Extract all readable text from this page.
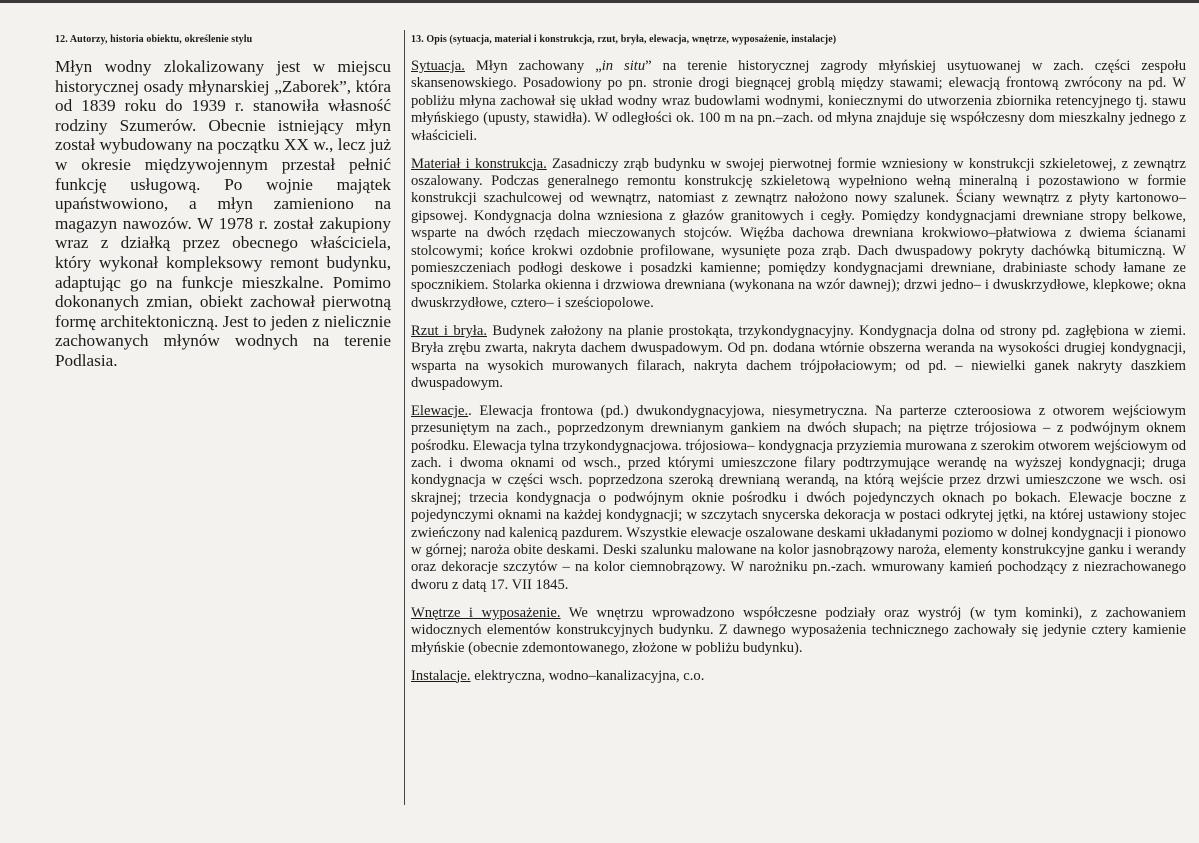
12. Autorzy, historia obiektu, określenie stylu

Młyn wodny zlokalizowany jest w miejscu historycznej osady młynarskiej „Zaborek”, która od 1839 roku do 1939 r. stanowiła własność rodziny Szumerów. Obecnie istniejący młyn został wybudowany na początku XX w., lecz już w okresie międzywojennym przestał pełnić funkcję usługową. Po wojnie majątek upaństwowiono, a młyn zamieniono na magazyn nawozów. W 1978 r. został zakupiony wraz z działką przez obecnego właściciela, który wykonał kompleksowy remont budynku, adaptując go na funkcje mieszkalne. Pomimo dokonanych zmian, obiekt zachował pierwotną formę architektoniczną. Jest to jeden z nielicznie zachowanych młynów wodnych na terenie Podlasia.

13. Opis (sytuacja, materiał i konstrukcja, rzut, bryła, elewacja, wnętrze, wyposażenie, instalacje)

Sytuacja. Młyn zachowany „in situ” na terenie historycznej zagrody młyńskiej usytuowanej w zach. części zespołu skansenowskiego. Posadowiony po pn. stronie drogi biegnącej groblą między stawami; elewacją frontową zwrócony na pd. W pobliżu młyna zachował się układ wodny wraz budowlami wodnymi, koniecznymi do utworzenia zbiornika retencyjnego tj. stawu młyńskiego (upusty, stawidła). W odległości ok. 100 m na pn.–zach. od młyna znajduje się współczesny dom mieszkalny jednego z właścicieli.

Materiał i konstrukcja. Zasadniczy zrąb budynku w swojej pierwotnej formie wzniesiony w konstrukcji szkieletowej, z zewnątrz oszalowany. Podczas generalnego remontu konstrukcję szkieletową wypełniono wełną mineralną i pozostawiono w formie konstrukcji szachulcowej od wewnątrz, natomiast z zewnątrz nałożono nowy szalunek. Ściany wewnątrz z płyty kartonowo–gipsowej. Kondygnacja dolna wzniesiona z głazów granitowych i cegły. Pomiędzy kondygnacjami drewniane stropy belkowe, wsparte na dwóch rzędach mieczowanych stojców. Więźba dachowa drewniana krokwiowo–płatwiowa z dwiema ścianami stolcowymi; końce krokwi ozdobnie profilowane, wysunięte poza zrąb. Dach dwuspadowy pokryty dachówką bitumiczną. W pomieszczeniach podłogi deskowe i posadzki kamienne; pomiędzy kondygnacjami drewniane, drabiniaste schody łamane ze spocznikiem. Stolarka okienna i drzwiowa drewniana (wykonana na wzór dawnej); drzwi jedno– i dwuskrzydłowe, klepkowe; okna dwuskrzydłowe, cztero– i sześciopolowe.

Rzut i bryła. Budynek założony na planie prostokąta, trzykondygnacyjny. Kondygnacja dolna od strony pd. zagłębiona w ziemi. Bryła zrębu zwarta, nakryta dachem dwuspadowym. Od pn. dodana wtórnie obszerna weranda na wysokości drugiej kondygnacji, wsparta na wysokich murowanych filarach, nakryta dachem trójpołaciowym; od pd. – niewielki ganek nakryty daszkiem dwuspadowym.

Elewacje.. Elewacja frontowa (pd.) dwukondygnacyjowa, niesymetryczna. Na parterze czteroosiowa z otworem wejściowym przesuniętym na zach., poprzedzonym drewnianym gankiem na dwóch słupach; na piętrze trójosiowa – z podwójnym oknem pośrodku. Elewacja tylna trzykondygnacjowa. trójosiowa– kondygnacja przyziemia murowana z szerokim otworem wejściowym od zach. i dwoma oknami od wsch., przed którymi umieszczone filary podtrzymujące werandę na wyższej kondygnacji; druga kondygnacja w części wsch. poprzedzona szeroką drewnianą werandą, na którą wejście przez drzwi umieszczone we wsch. osi skrajnej; trzecia kondygnacja o podwójnym oknie pośrodku i dwóch pojedynczych oknach po bokach. Elewacje boczne z pojedynczymi oknami na każdej kondygnacji; w szczytach snycerska dekoracja w postaci odkrytej jętki, na której ustawiony stojec zwieńczony nad kalenicą pazdurem. Wszystkie elewacje oszalowane deskami układanymi poziomo w dolnej kondygnacji i pionowo w górnej; naroża obite deskami. Deski szalunku malowane na kolor jasnobrązowy naroża, elementy konstrukcyjne ganku i werandy oraz dekoracje szczytów – na kolor ciemnobrązowy. W narożniku pn.-zach. wmurowany kamień pochodzący z niezrachowanego dworu z datą 17. VII 1845.

Wnętrze i wyposażenie. We wnętrzu wprowadzono współczesne podziały oraz wystrój (w tym kominki), z zachowaniem widocznych elementów konstrukcyjnych budynku. Z dawnego wyposażenia technicznego zachowały się jedynie cztery kamienie młyńskie (obecnie zdemontowanego, złożone w pobliżu budynku).

Instalacje. elektryczna, wodno–kanalizacyjna, c.o.
